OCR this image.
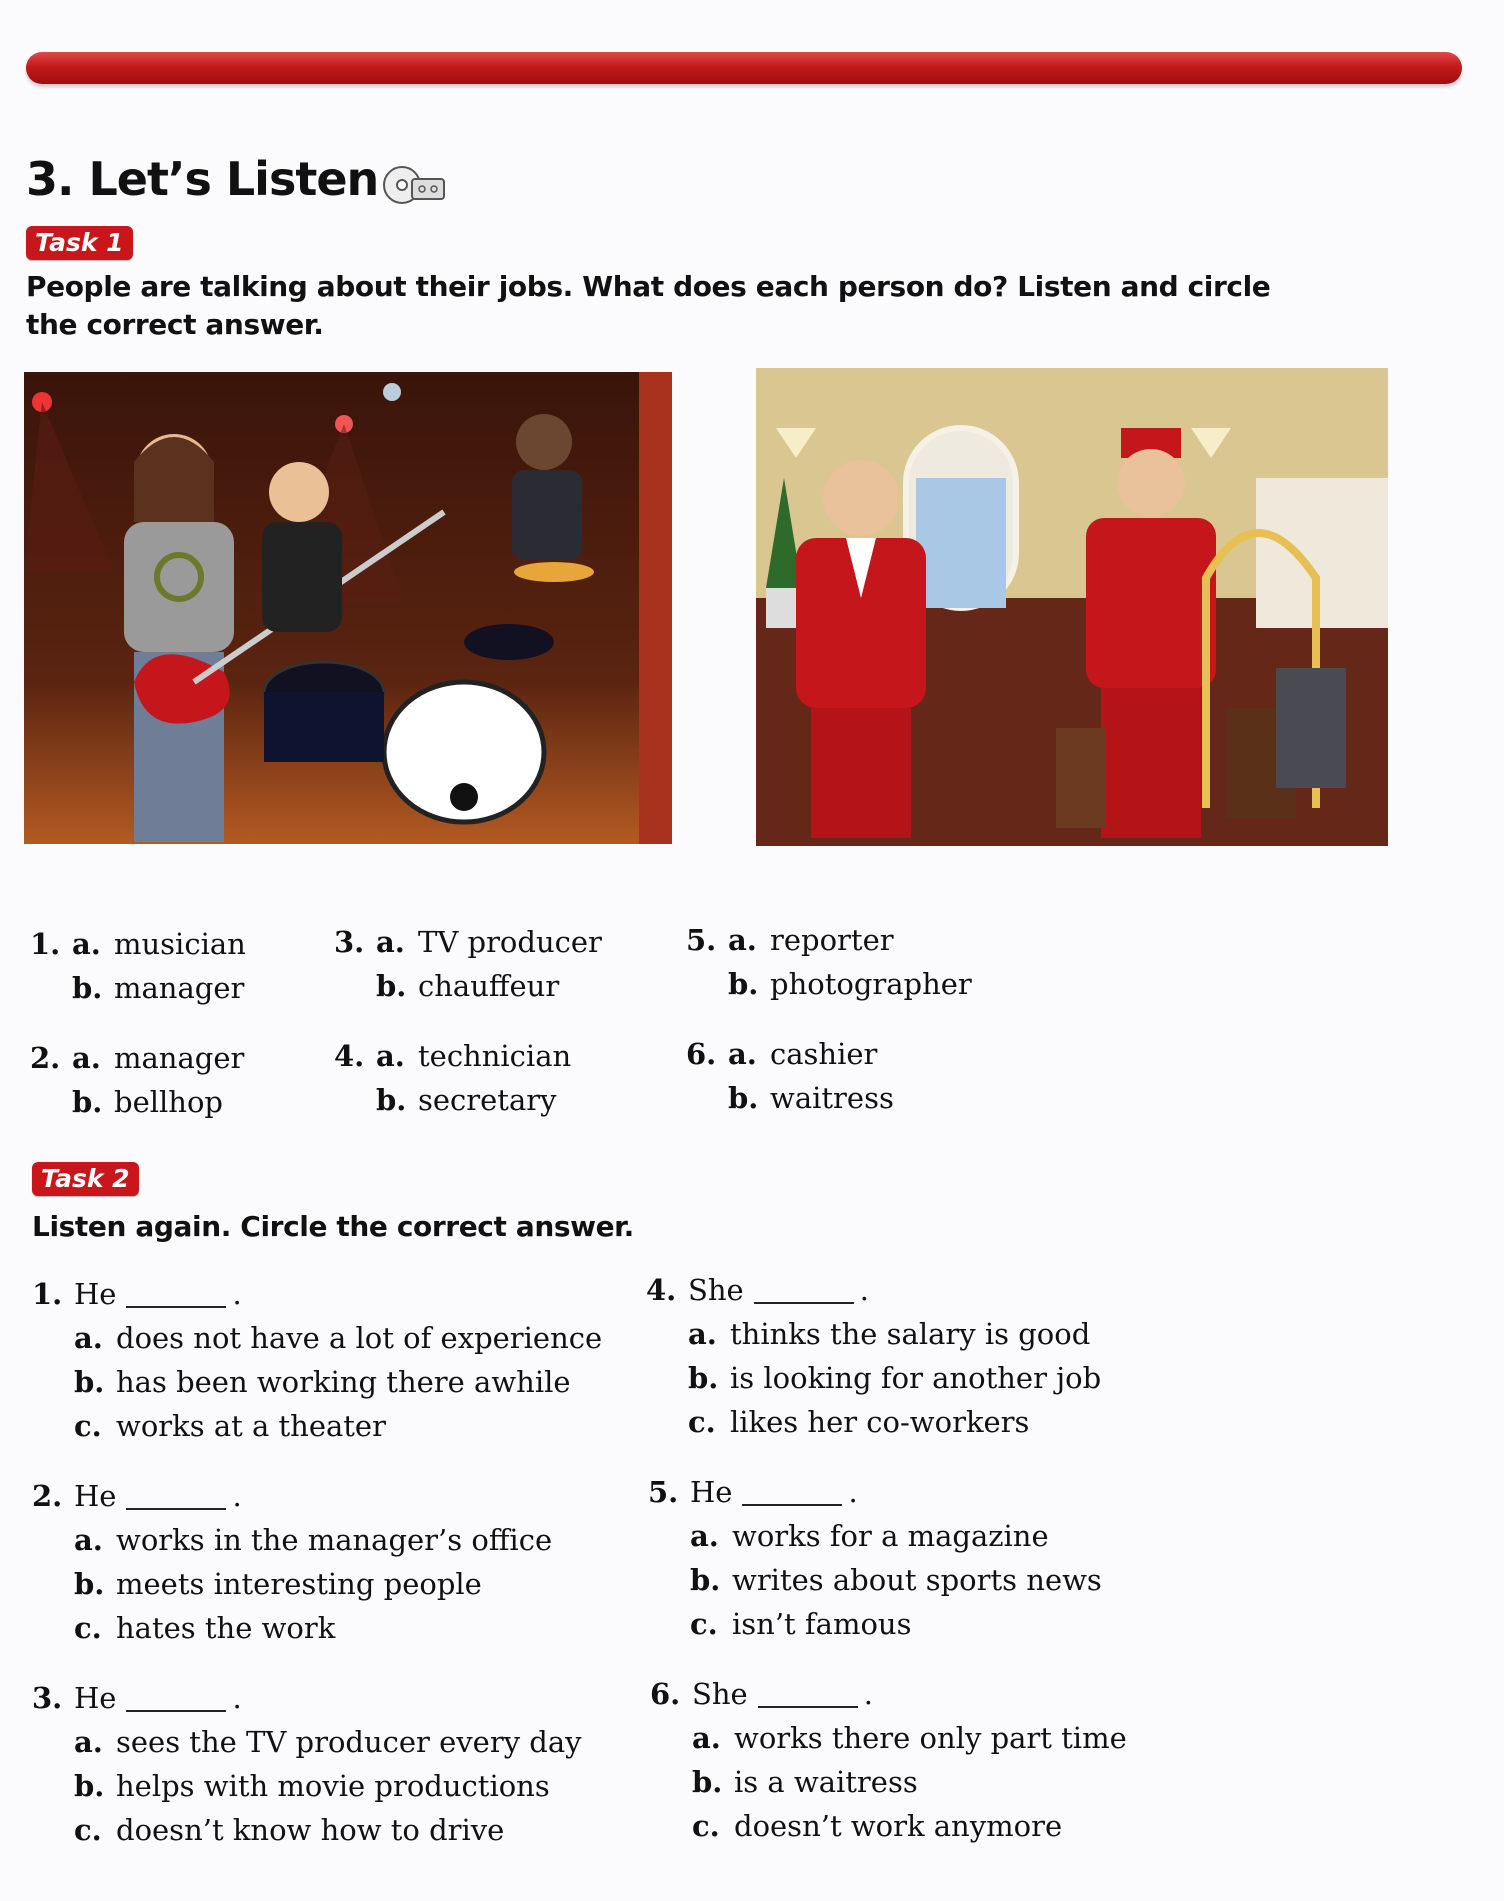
3. Let’s Listen
Task 1

People are talking about their jobs. What does each person do? Listen and circle

the correct answer.

1. a. musician
b. manager
2. a. manager
b. bellhop
3. a. TV producer
b. chauffeur
4. a. technician
b. secretary
5. a. reporter
b. photographer
6. a. cashier
b. waitress
Task 2

Listen again. Circle the correct answer.

1. He	.
a. does not have a lot of experience
b. has been working there awhile
c. works at a theater
2. He	.
a. works in the manager’s office
b. meets interesting people
c. hates the work
3. He	.
a. sees the TV producer every day
b. helps with movie productions
c. doesn’t know how to drive
4. She	.
a. thinks the salary is good
b. is looking for another job
c. likes her co-workers
5. He	.
a. works for a magazine
b. writes about sports news
c. isn’t famous
6. She	.
a. works there only part time
b. is a waitress
c. doesn’t work anymore
